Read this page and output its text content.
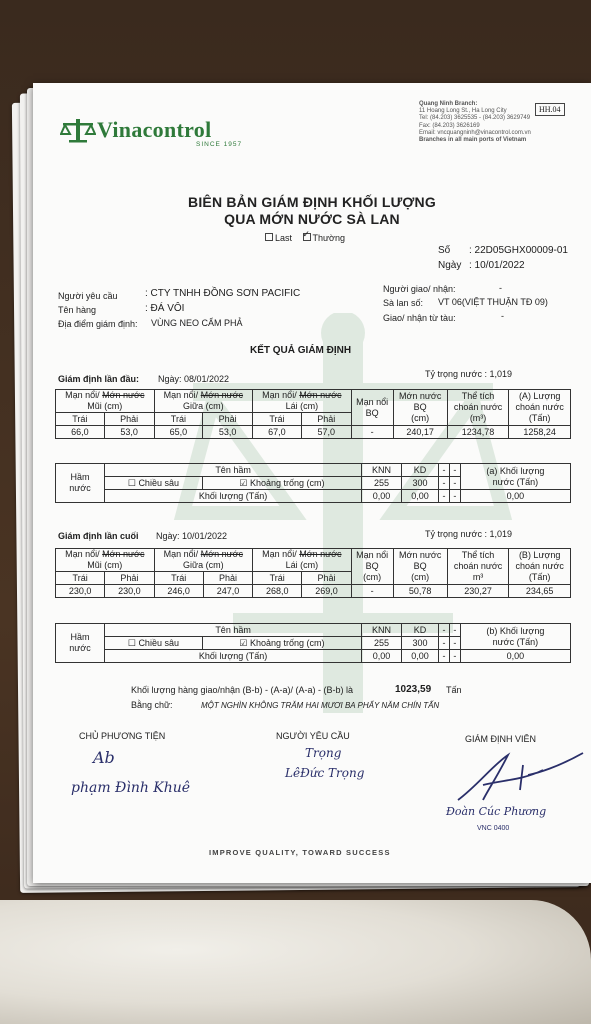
Vinacontrol
SINCE 1957
Quang Ninh Branch:
11 Hoang Long St., Ha Long City
Tel: (84.203) 3625535 - (84.203) 3629749
Fax: (84.203) 3626169
Email: vncquangninh@vinacontrol.com.vn
Branches in all main ports of Vietnam
HH.04
BIÊN BẢN GIÁM ĐỊNH KHỐI LƯỢNG
QUA MỚN NƯỚC SÀ LAN
Last ✓ Thường
Số : 22D05GHX00009-01
Ngày : 10/01/2022
Người yêu cầu	: CTY TNHH ĐỒNG SƠN PACIFIC
Tên hàng	: ĐÁ VÔI
Địa điểm giám định: VÙNG NEO CẨM PHẢ
Người giao/ nhận:	-
Sà lan số: VT 06(VIỆT THUẬN TĐ 09)
Giao/ nhận từ tàu:	-
KẾT QUẢ GIÁM ĐỊNH
Giám định lần đầu: Ngày: 08/01/2022	Tỷ trọng nước : 1,019
Mạn nổi/ Mớn nước
Mũi (cm)		Mạn nổi/ Mớn nước
Giữa (cm)		Mạn nổi/ Mớn nước
Lái (cm)		Mạn nổi
BQ	Mớn nước
BQ
(cm)	Thể tích
choán nước
(m³)	(A) Lượng
choán nước
(Tấn)
Trái	Phải	Trái	Phải	Trái	Phải				
66,0	53,0	65,0	53,0	67,0	57,0	-	240,17	1234,78	1258,24
Hầm
nước	Tên hầm		KNN	KD	-	-	(a) Khối lượng
nước (Tấn)
	☐ Chiều sâu	☑ Khoảng trống (cm)	255	300	-	-	
	Khối lượng (Tấn)		0,00	0,00	-	-	0,00
Giám định lần cuối Ngày: 10/01/2022	Tỷ trọng nước : 1,019
Mạn nổi/ Mớn nước
Mũi (cm)		Mạn nổi/ Mớn nước
Giữa (cm)		Mạn nổi/ Mớn nước
Lái (cm)		Mạn nổi
BQ
(cm)	Mớn nước
BQ
(cm)	Thể tích
choán nước
m³	(B) Lượng
choán nước
(Tấn)
Trái	Phải	Trái	Phải	Trái	Phải				
230,0	230,0	246,0	247,0	268,0	269,0	-	50,78	230,27	234,65
Hầm
nước	Tên hầm		KNN	KD	-	-	(b) Khối lượng
nước (Tấn)
	☐ Chiều sâu	☑ Khoảng trống (cm)	255	300	-	-	
	Khối lượng (Tấn)		0,00	0,00	-	-	0,00
Khối lượng hàng giao/nhận (B-b) - (A-a)/ (A-a) - (B-b) là	1023,59 Tấn
Bằng chữ:	MỘT NGHÌN KHÔNG TRĂM HAI MƯƠI BA PHẨY NĂM CHÍN TẤN
CHỦ PHƯƠNG TIỆN	NGƯỜI YÊU CẦU	GIÁM ĐỊNH VIÊN
Ab
phạm Đình Khuê
Trọng
LêĐức Trọng
Đoàn Cúc Phương
VNC 0400
IMPROVE QUALITY, TOWARD SUCCESS
